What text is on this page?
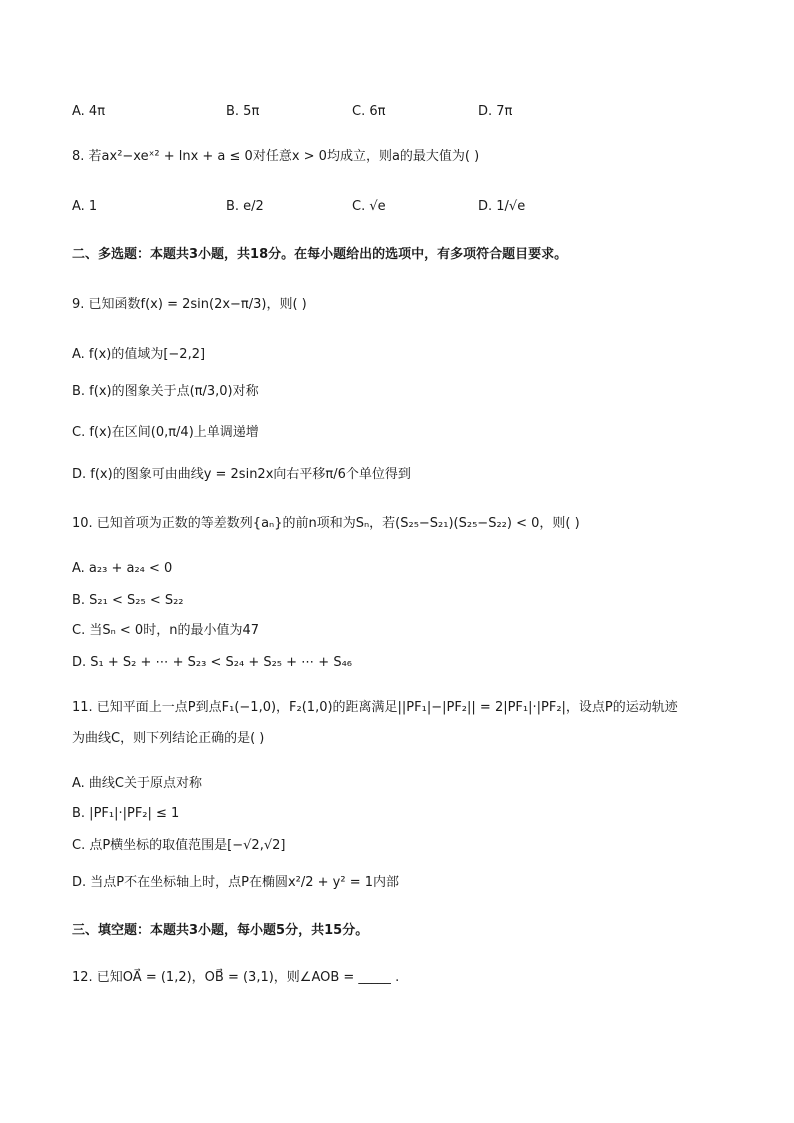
A. 4π	B. 5π	C. 6π	D. 7π
8. 若ax²−xeˣ² + lnx + a ≤ 0对任意x > 0均成立，则a的最大值为( )
A. 1	B. e/2	C. √e	D. 1/√e
二、多选题：本题共3小题，共18分。在每小题给出的选项中，有多项符合题目要求。
9. 已知函数f(x) = 2sin(2x−π/3)，则( )
A. f(x)的值域为[−2,2]
B. f(x)的图象关于点(π/3,0)对称
C. f(x)在区间(0,π/4)上单调递增
D. f(x)的图象可由曲线y = 2sin2x向右平移π/6个单位得到
10. 已知首项为正数的等差数列{aₙ}的前n项和为Sₙ，若(S₂₅−S₂₁)(S₂₅−S₂₂) < 0，则( )
A. a₂₃ + a₂₄ < 0
B. S₂₁ < S₂₅ < S₂₂
C. 当Sₙ < 0时，n的最小值为47
D. S₁ + S₂ + ⋯ + S₂₃ < S₂₄ + S₂₅ + ⋯ + S₄₆
11. 已知平面上一点P到点F₁(−1,0)，F₂(1,0)的距离满足||PF₁|−|PF₂|| = 2|PF₁|·|PF₂|，设点P的运动轨迹
为曲线C，则下列结论正确的是( )
A. 曲线C关于原点对称
B. |PF₁|·|PF₂| ≤ 1
C. 点P横坐标的取值范围是[−√2,√2]
D. 当点P不在坐标轴上时，点P在椭圆x²/2 + y² = 1内部
三、填空题：本题共3小题，每小题5分，共15分。
12. 已知OA⃗ = (1,2)，OB⃗ = (3,1)，则∠AOB = _____ .
